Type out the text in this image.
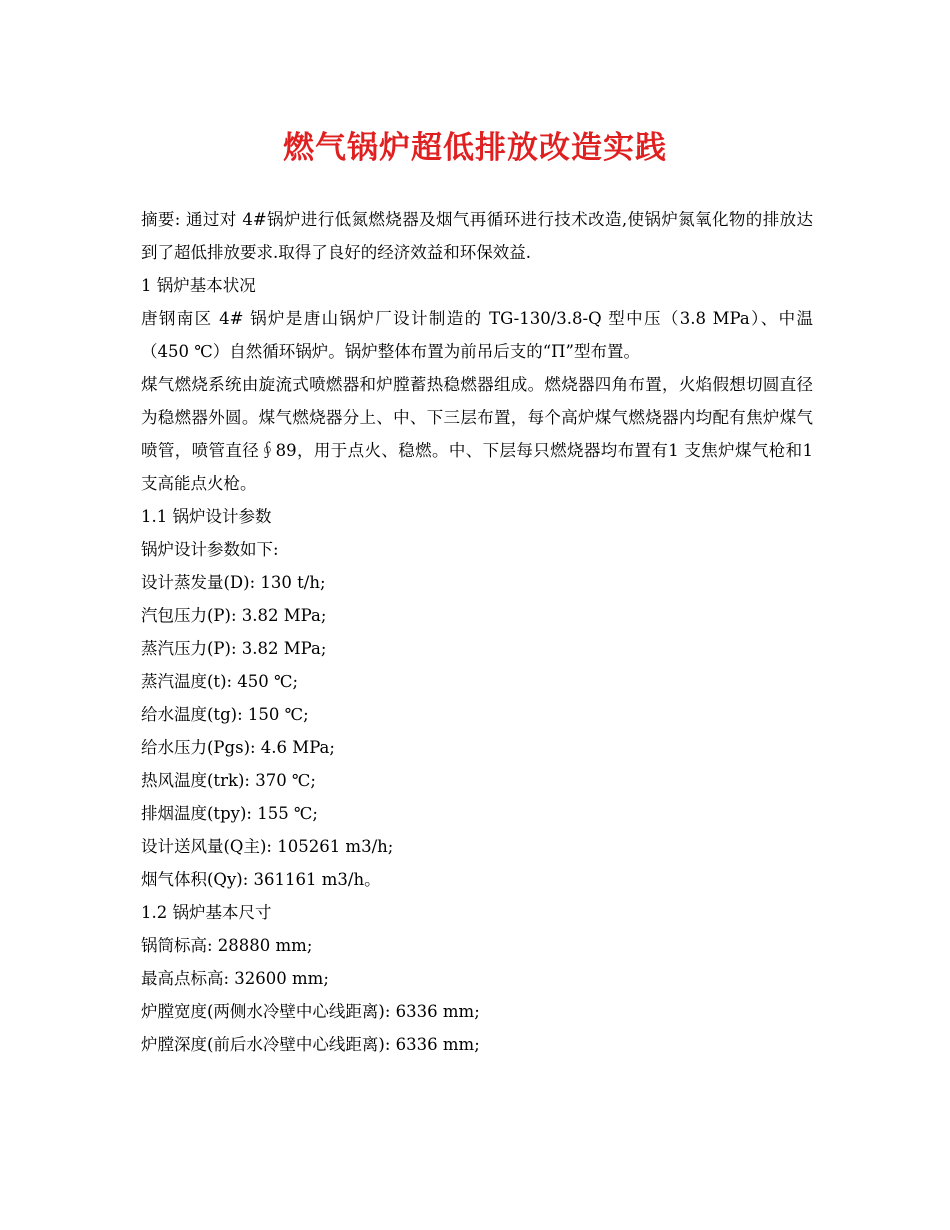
燃气锅炉超低排放改造实践

摘要: 通过对 4#锅炉进行低氮燃烧器及烟气再循环进行技术改造,使锅炉氮氧化物的排放达到了超低排放要求.取得了良好的经济效益和环保效益.

1 锅炉基本状况

唐钢南区 4# 锅炉是唐山锅炉厂设计制造的 TG-130/3.8-Q 型中压（3.8 MPa）、中温（450 ℃）自然循环锅炉。锅炉整体布置为前吊后支的“Π”型布置。

煤气燃烧系统由旋流式喷燃器和炉膛蓄热稳燃器组成。燃烧器四角布置，火焰假想切圆直径为稳燃器外圆。煤气燃烧器分上、中、下三层布置，每个高炉煤气燃烧器内均配有焦炉煤气喷管，喷管直径∮89，用于点火、稳燃。中、下层每只燃烧器均布置有1 支焦炉煤气枪和1 支高能点火枪。

1.1 锅炉设计参数

锅炉设计参数如下:

设计蒸发量(D): 130 t/h;

汽包压力(P): 3.82 MPa;

蒸汽压力(P): 3.82 MPa;

蒸汽温度(t): 450 ℃;

给水温度(tg): 150 ℃;

给水压力(Pgs): 4.6 MPa;

热风温度(trk): 370 ℃;

排烟温度(tpy): 155 ℃;

设计送风量(Q主): 105261 m3/h;

烟气体积(Qy): 361161 m3/h。

1.2 锅炉基本尺寸

锅筒标高: 28880 mm;

最高点标高: 32600 mm;

炉膛宽度(两侧水冷壁中心线距离): 6336 mm;

炉膛深度(前后水冷壁中心线距离): 6336 mm;
